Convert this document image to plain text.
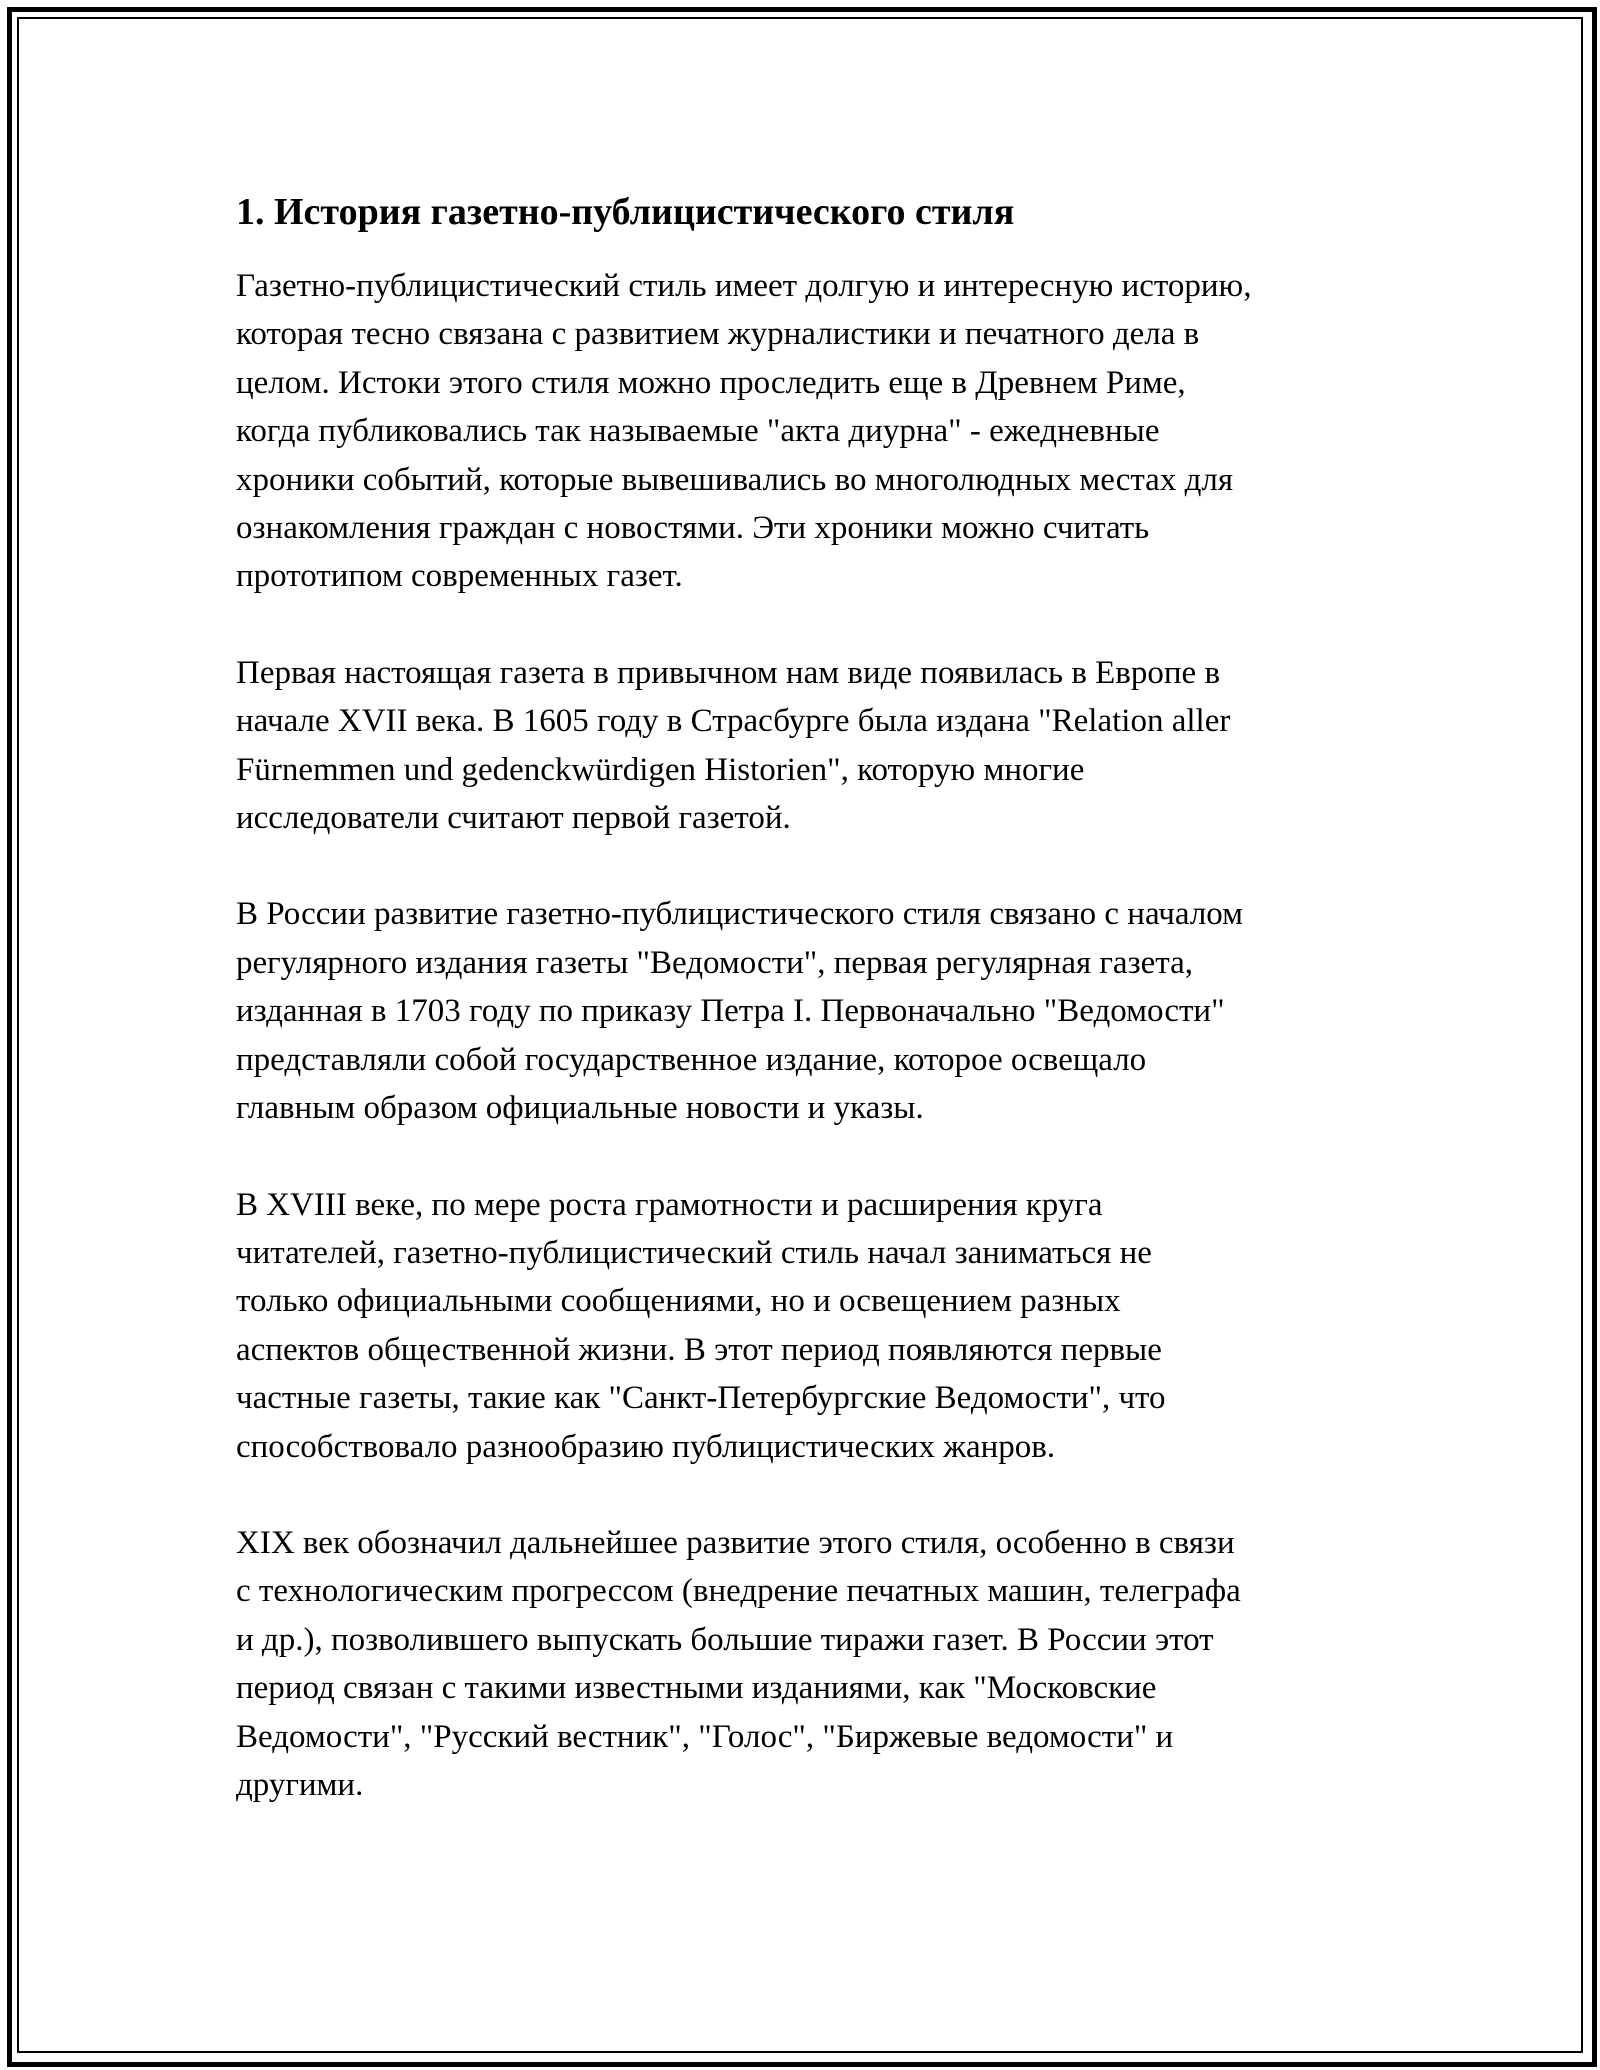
1. История газетно-публицистического стиля

Газетно-публицистический стиль имеет долгую и интересную историю,
которая тесно связана с развитием журналистики и печатного дела в
целом. Истоки этого стиля можно проследить еще в Древнем Риме,
когда публиковались так называемые "акта диурна" - ежедневные
хроники событий, которые вывешивались во многолюдных местах для
ознакомления граждан с новостями. Эти хроники можно считать
прототипом современных газет.

Первая настоящая газета в привычном нам виде появилась в Европе в
начале XVII века. В 1605 году в Страсбурге была издана "Relation aller
Fürnemmen und gedenckwürdigen Historien", которую многие
исследователи считают первой газетой.

В России развитие газетно-публицистического стиля связано с началом
регулярного издания газеты "Ведомости", первая регулярная газета,
изданная в 1703 году по приказу Петра I. Первоначально "Ведомости"
представляли собой государственное издание, которое освещало
главным образом официальные новости и указы.

В XVIII веке, по мере роста грамотности и расширения круга
читателей, газетно-публицистический стиль начал заниматься не
только официальными сообщениями, но и освещением разных
аспектов общественной жизни. В этот период появляются первые
частные газеты, такие как "Санкт-Петербургские Ведомости", что
способствовало разнообразию публицистических жанров.

XIX век обозначил дальнейшее развитие этого стиля, особенно в связи
с технологическим прогрессом (внедрение печатных машин, телеграфа
и др.), позволившего выпускать большие тиражи газет. В России этот
период связан с такими известными изданиями, как "Московские
Ведомости", "Русский вестник", "Голос", "Биржевые ведомости" и
другими.
